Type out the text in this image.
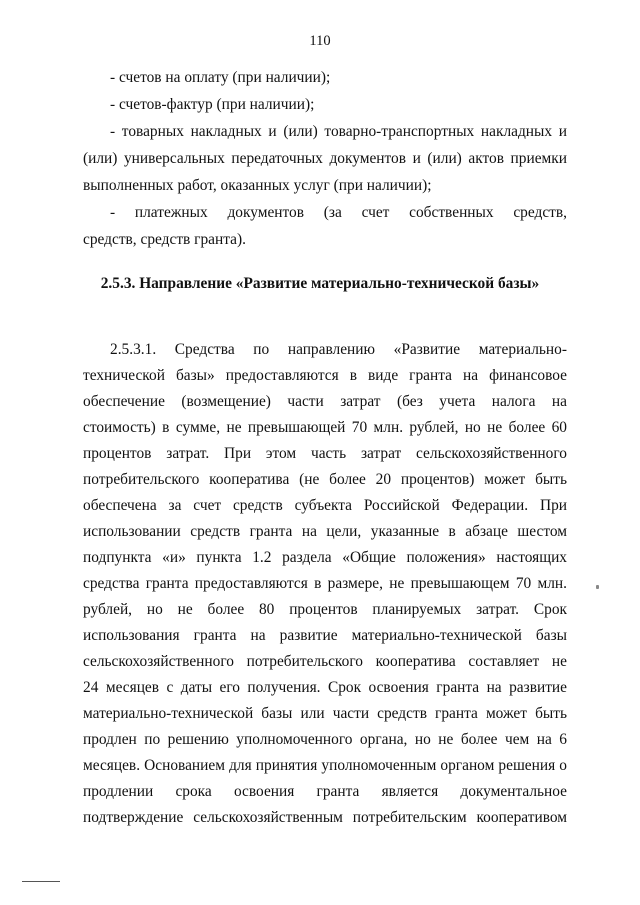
110
- счетов на оплату (при наличии);
- счетов-фактур (при наличии);
- товарных накладных и (или) товарно-транспортных накладных и
(или) универсальных передаточных документов и (или) актов приемки
выполненных работ, оказанных услуг (при наличии);
- платежных документов (за счет собственных средств,
средств, средств гранта).
2.5.3. Направление «Развитие материально-технической базы»
2.5.3.1. Средства по направлению «Развитие материально-
технической базы» предоставляются в виде гранта на финансовое
обеспечение (возмещение) части затрат (без учета налога на
стоимость) в сумме, не превышающей 70 млн. рублей, но не более 60
процентов затрат. При этом часть затрат сельскохозяйственного
потребительского кооператива (не более 20 процентов) может быть
обеспечена за счет средств субъекта Российской Федерации. При
использовании средств гранта на цели, указанные в абзаце шестом
подпункта «и» пункта 1.2 раздела «Общие положения» настоящих
средства гранта предоставляются в размере, не превышающем 70 млн.
рублей, но не более 80 процентов планируемых затрат. Срок
использования гранта на развитие материально-технической базы
сельскохозяйственного потребительского кооператива составляет не
24 месяцев с даты его получения. Срок освоения гранта на развитие
материально-технической базы или части средств гранта может быть
продлен по решению уполномоченного органа, но не более чем на 6
месяцев. Основанием для принятия уполномоченным органом решения о
продлении срока освоения гранта является документальное
подтверждение сельскохозяйственным потребительским кооперативом
